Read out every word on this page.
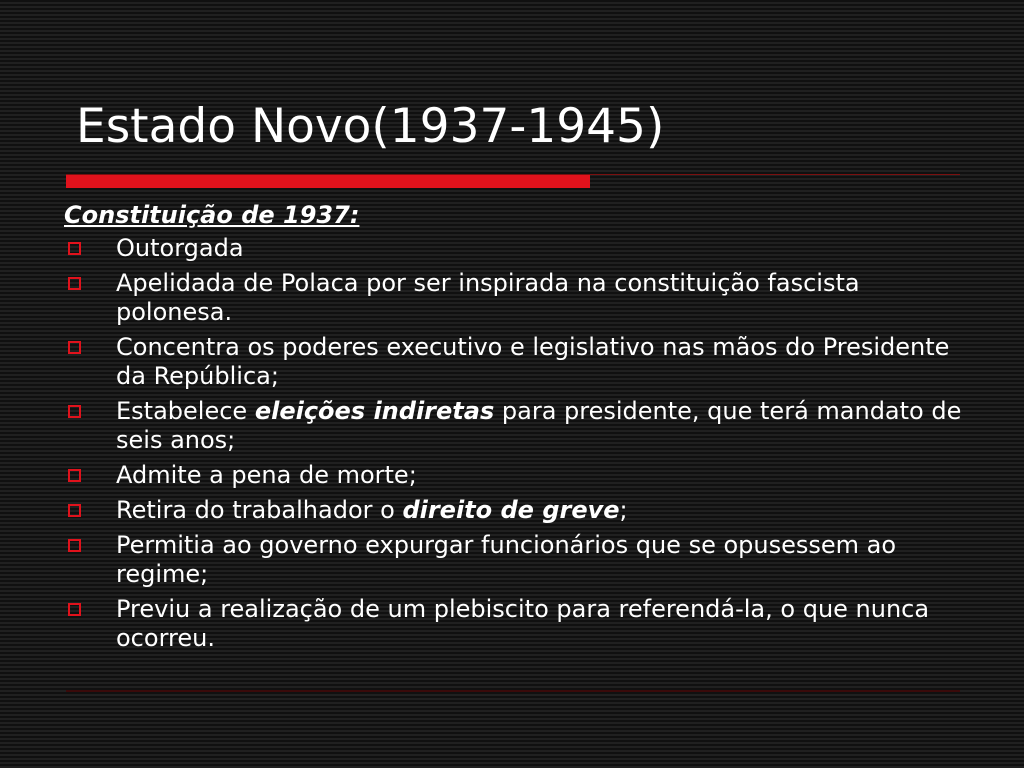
Estado Novo(1937-1945)
Constituição de 1937:
Outorgada
Apelidada de Polaca por ser inspirada na constituição fascista polonesa.
Concentra os poderes executivo e legislativo nas mãos do Presidente da República;
Estabelece eleições indiretas para presidente, que terá mandato de seis anos;
Admite a pena de morte;
Retira do trabalhador o direito de greve;
Permitia ao governo expurgar funcionários que se opusessem ao regime;
Previu a realização de um plebiscito para referendá-la, o que nunca ocorreu.
